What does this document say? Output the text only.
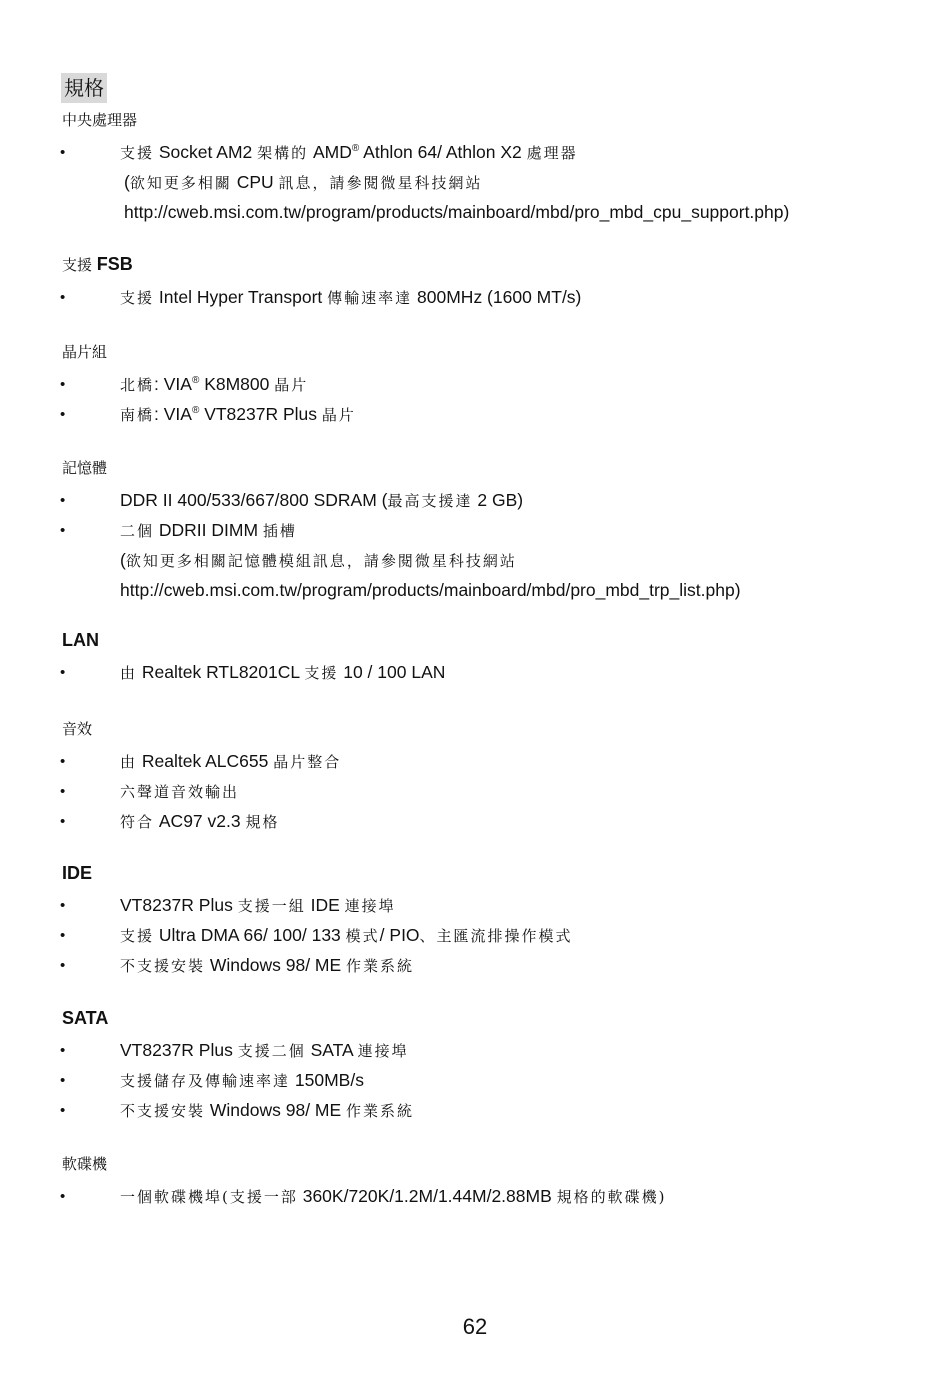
規格
中央處理器
•	支援 Socket AM2 架構的 AMD® Athlon 64/ Athlon X2 處理器
(欲知更多相關 CPU 訊息，請參閱微星科技網站
http://cweb.msi.com.tw/program/products/mainboard/mbd/pro_mbd_cpu_support.php)
支援 FSB
•	支援 Intel Hyper Transport 傳輸速率達 800MHz (1600 MT/s)
晶片組
•	北橋: VIA® K8M800 晶片
•	南橋: VIA® VT8237R Plus 晶片
記憶體
•	DDR II 400/533/667/800 SDRAM (最高支援達 2 GB)
•	二個 DDRII DIMM 插槽
(欲知更多相關記憶體模組訊息，請參閱微星科技網站
http://cweb.msi.com.tw/program/products/mainboard/mbd/pro_mbd_trp_list.php)
LAN
•	由 Realtek RTL8201CL 支援 10 / 100 LAN
音效
•	由 Realtek ALC655 晶片整合
•	六聲道音效輸出
•	符合 AC97 v2.3 規格
IDE
•	VT8237R Plus 支援一組 IDE 連接埠
•	支援 Ultra DMA 66/ 100/ 133 模式/ PIO、主匯流排操作模式
•	不支援安裝 Windows 98/ ME 作業系統
SATA
•	VT8237R Plus 支援二個 SATA 連接埠
•	支援儲存及傳輸速率達 150MB/s
•	不支援安裝 Windows 98/ ME 作業系統
軟碟機
•	一個軟碟機埠(支援一部 360K/720K/1.2M/1.44M/2.88MB 規格的軟碟機)
62
